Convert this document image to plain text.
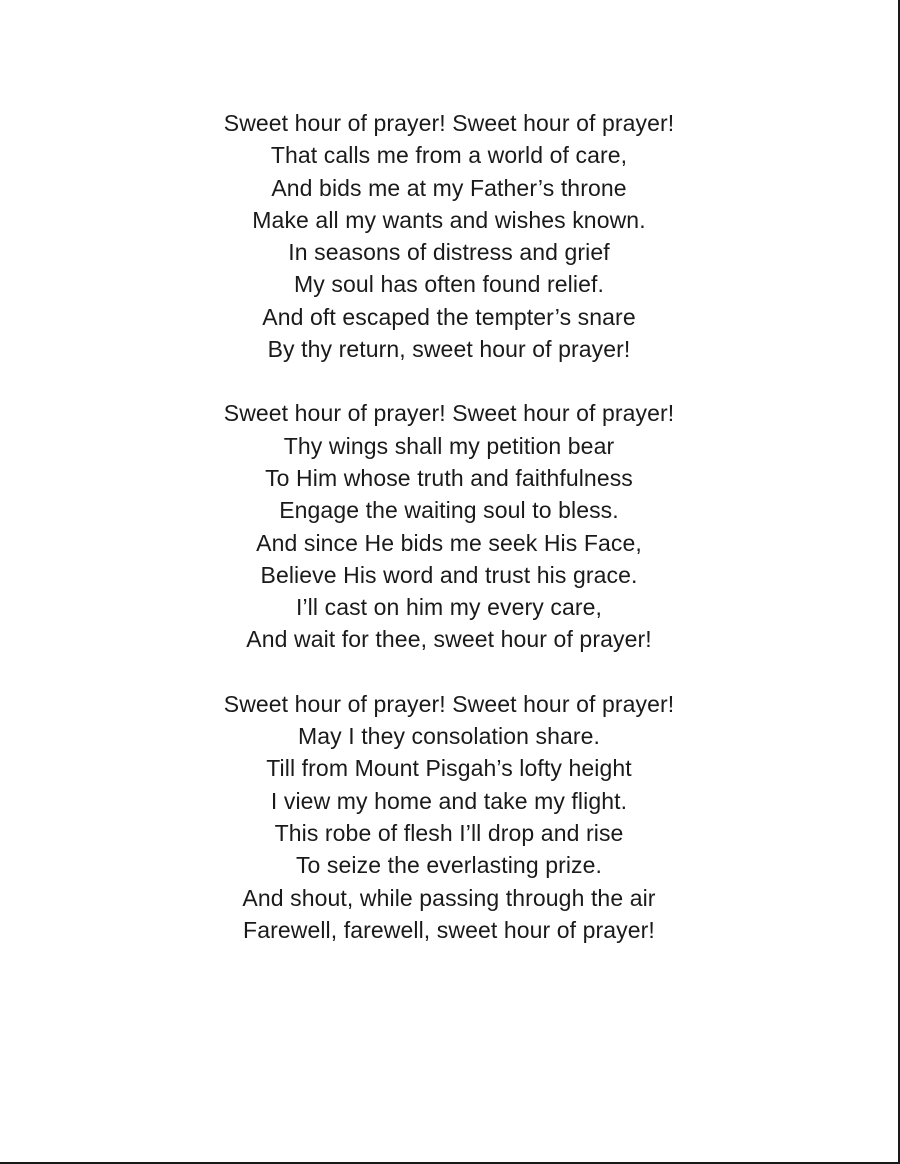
Sweet hour of prayer! Sweet hour of prayer!
That calls me from a world of care,
And bids me at my Father’s throne
Make all my wants and wishes known.
In seasons of distress and grief
My soul has often found relief.
And oft escaped the tempter’s snare
By thy return, sweet hour of prayer!
Sweet hour of prayer! Sweet hour of prayer!
Thy wings shall my petition bear
To Him whose truth and faithfulness
Engage the waiting soul to bless.
And since He bids me seek His Face,
Believe His word and trust his grace.
I’ll cast on him my every care,
And wait for thee, sweet hour of prayer!
Sweet hour of prayer! Sweet hour of prayer!
May I they consolation share.
Till from Mount Pisgah’s lofty height
I view my home and take my flight.
This robe of flesh I’ll drop and rise
To seize the everlasting prize.
And shout, while passing through the air
Farewell, farewell, sweet hour of prayer!
